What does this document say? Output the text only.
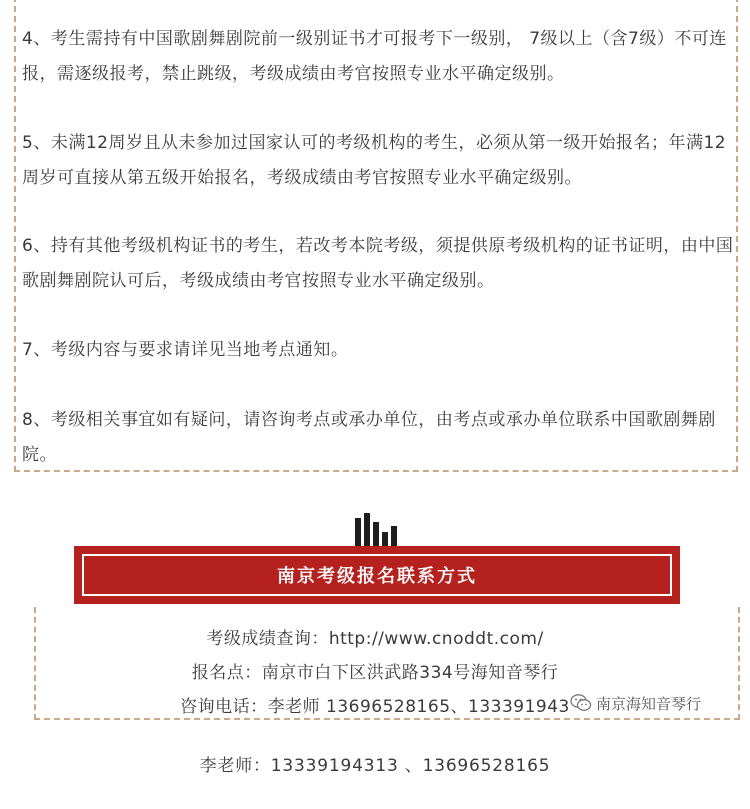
4、考生需持有中国歌剧舞剧院前一级别证书才可报考下一级别， 7级以上（含7级）不可连报，需逐级报考，禁止跳级，考级成绩由考官按照专业水平确定级别。

5、未满12周岁且从未参加过国家认可的考级机构的考生，必须从第一级开始报名；年满12周岁可直接从第五级开始报名，考级成绩由考官按照专业水平确定级别。

6、持有其他考级机构证书的考生，若改考本院考级，须提供原考级机构的证书证明，由中国歌剧舞剧院认可后，考级成绩由考官按照专业水平确定级别。

7、考级内容与要求请详见当地考点通知。

8、考级相关事宜如有疑问，请咨询考点或承办单位，由考点或承办单位联系中国歌剧舞剧院。

南京考级报名联系方式
考级成绩查询：http://www.cnoddt.com/
报名点：南京市白下区洪武路334号海知音琴行
咨询电话：李老师 13696528165、133391943	南京海知音琴行
李老师：13339194313 、13696528165
